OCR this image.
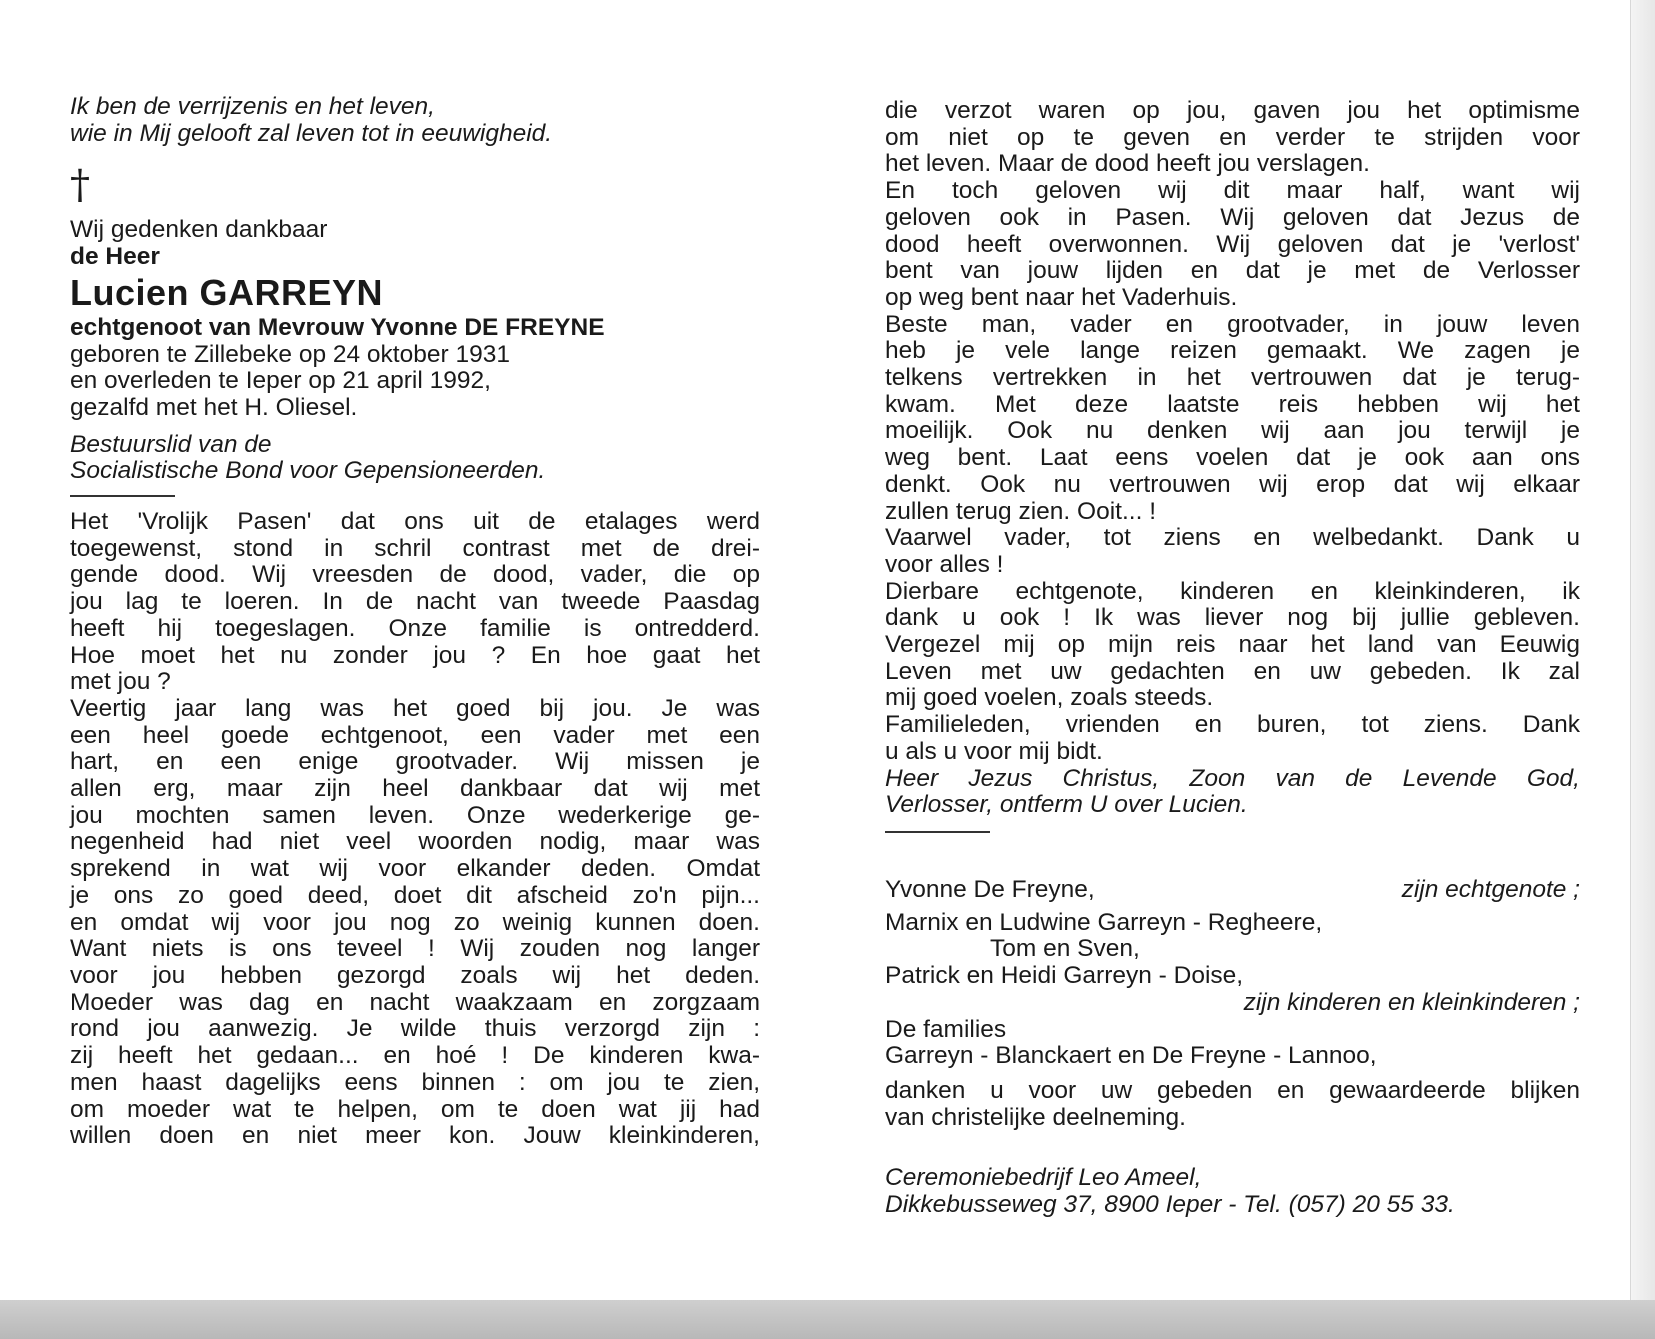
Ik ben de verrijzenis en het leven,
wie in Mij gelooft zal leven tot in eeuwigheid.
†
Wij gedenken dankbaar
de Heer
Lucien GARREYN
echtgenoot van Mevrouw Yvonne DE FREYNE
geboren te Zillebeke op 24 oktober 1931
en overleden te Ieper op 21 april 1992,
gezalfd met het H. Oliesel.
Bestuurslid van de
Socialistische Bond voor Gepensioneerden.
Het 'Vrolijk Pasen' dat ons uit de etalages werd
toegewenst, stond in schril contrast met de drei-
gende dood. Wij vreesden de dood, vader, die op
jou lag te loeren. In de nacht van tweede Paasdag
heeft hij toegeslagen. Onze familie is ontredderd.
Hoe moet het nu zonder jou ? En hoe gaat het
met jou ?
Veertig jaar lang was het goed bij jou. Je was
een heel goede echtgenoot, een vader met een
hart, en een enige grootvader. Wij missen je
allen erg, maar zijn heel dankbaar dat wij met
jou mochten samen leven. Onze wederkerige ge-
negenheid had niet veel woorden nodig, maar was
sprekend in wat wij voor elkander deden. Omdat
je ons zo goed deed, doet dit afscheid zo'n pijn...
en omdat wij voor jou nog zo weinig kunnen doen.
Want niets is ons teveel ! Wij zouden nog langer
voor jou hebben gezorgd zoals wij het deden.
Moeder was dag en nacht waakzaam en zorgzaam
rond jou aanwezig. Je wilde thuis verzorgd zijn :
zij heeft het gedaan... en hoé ! De kinderen kwa-
men haast dagelijks eens binnen : om jou te zien,
om moeder wat te helpen, om te doen wat jij had
willen doen en niet meer kon. Jouw kleinkinderen,
die verzot waren op jou, gaven jou het optimisme
om niet op te geven en verder te strijden voor
het leven. Maar de dood heeft jou verslagen.
En toch geloven wij dit maar half, want wij
geloven ook in Pasen. Wij geloven dat Jezus de
dood heeft overwonnen. Wij geloven dat je 'verlost'
bent van jouw lijden en dat je met de Verlosser
op weg bent naar het Vaderhuis.
Beste man, vader en grootvader, in jouw leven
heb je vele lange reizen gemaakt. We zagen je
telkens vertrekken in het vertrouwen dat je terug-
kwam. Met deze laatste reis hebben wij het
moeilijk. Ook nu denken wij aan jou terwijl je
weg bent. Laat eens voelen dat je ook aan ons
denkt. Ook nu vertrouwen wij erop dat wij elkaar
zullen terug zien. Ooit... !
Vaarwel vader, tot ziens en welbedankt. Dank u
voor alles !
Dierbare echtgenote, kinderen en kleinkinderen, ik
dank u ook ! Ik was liever nog bij jullie gebleven.
Vergezel mij op mijn reis naar het land van Eeuwig
Leven met uw gedachten en uw gebeden. Ik zal
mij goed voelen, zoals steeds.
Familieleden, vrienden en buren, tot ziens. Dank
u als u voor mij bidt.
Heer Jezus Christus, Zoon van de Levende God,
Verlosser, ontferm U over Lucien.
Yvonne De Freyne,	zijn echtgenote ;
Marnix en Ludwine Garreyn - Regheere,
Tom en Sven,
Patrick en Heidi Garreyn - Doise,
zijn kinderen en kleinkinderen ;
De families
Garreyn - Blanckaert en De Freyne - Lannoo,
danken u voor uw gebeden en gewaardeerde blijken
van christelijke deelneming.
Ceremoniebedrijf Leo Ameel,
Dikkebusseweg 37, 8900 Ieper - Tel. (057) 20 55 33.
